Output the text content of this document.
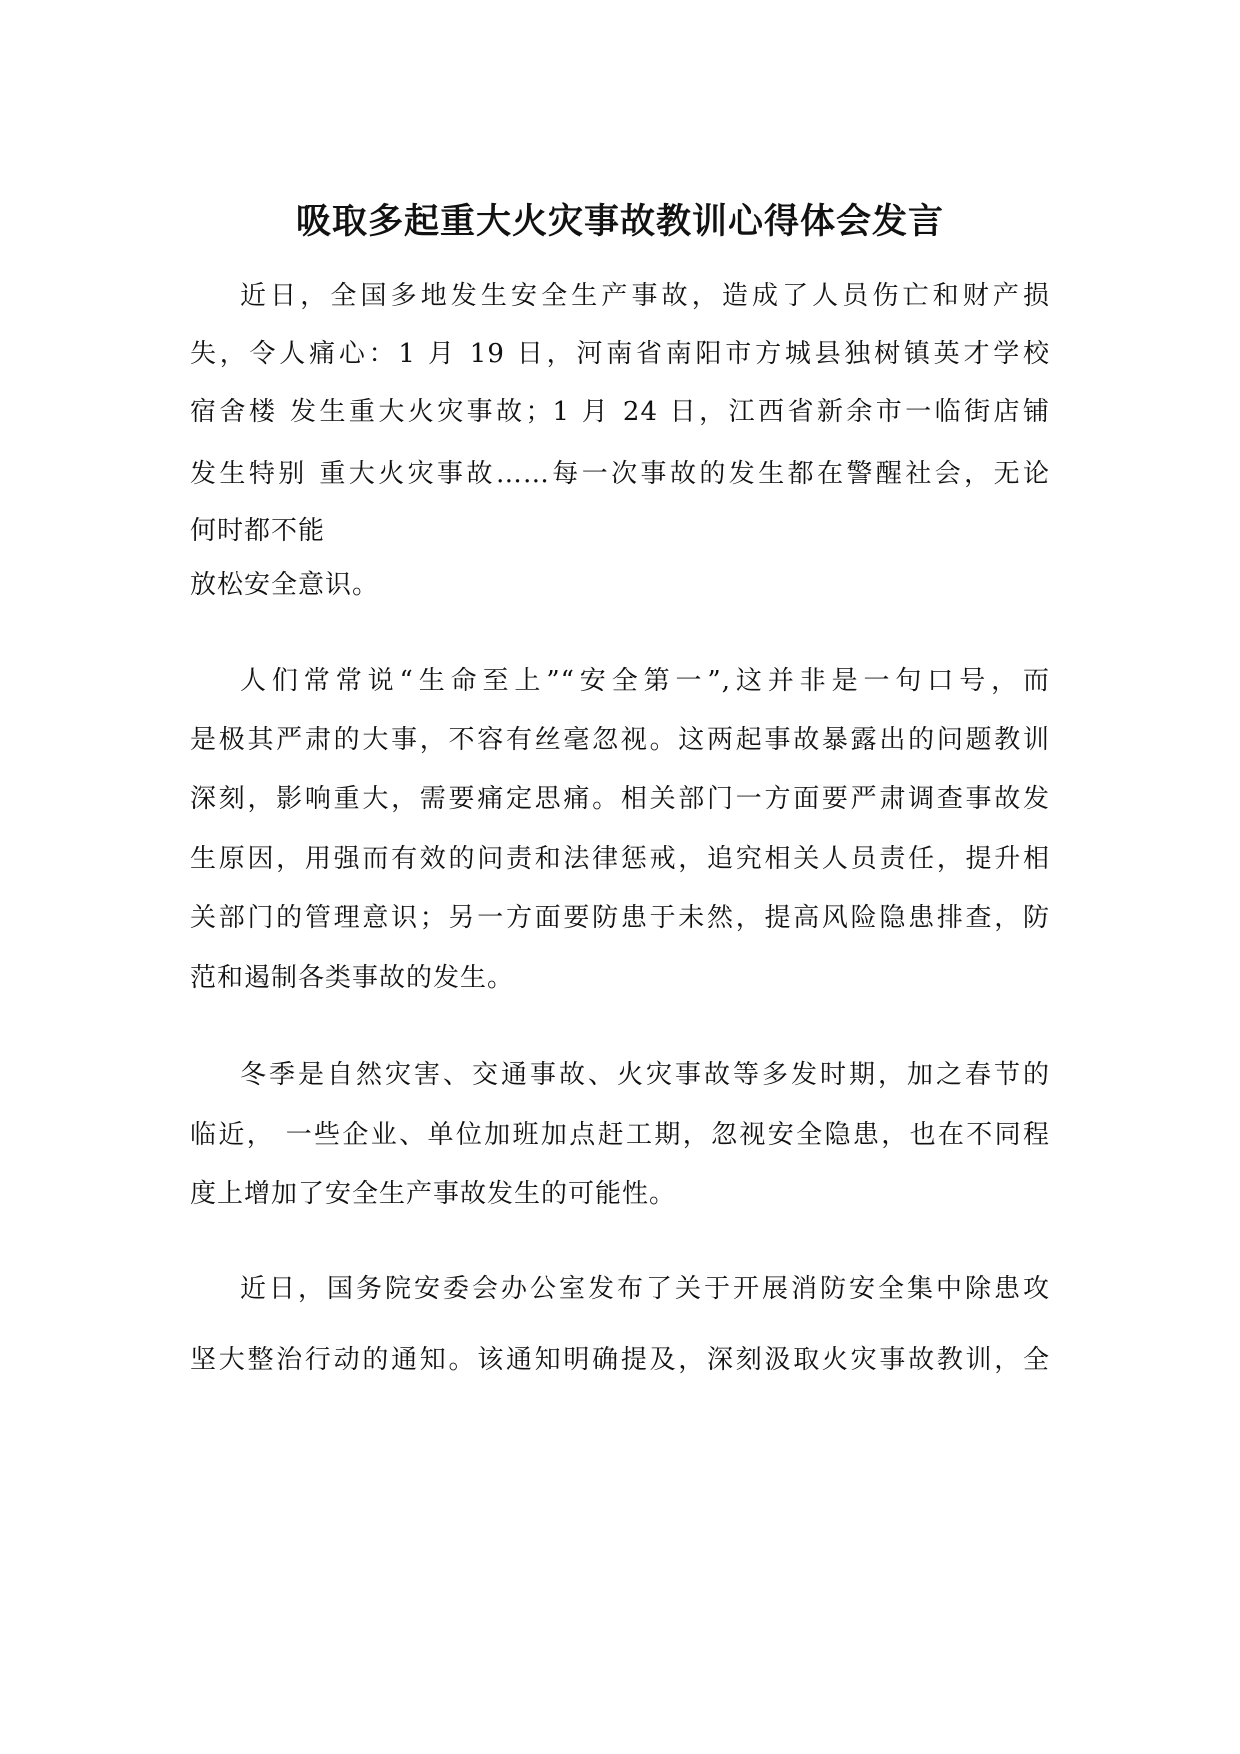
吸取多起重大火灾事故教训心得体会发言
近日，全国多地发生安全生产事故，造成了人员伤亡和财产损
失，令人痛心：1 月 19 日，河南省南阳市方城县独树镇英才学校
宿舍楼 发生重大火灾事故；1 月 24 日，江西省新余市一临街店铺
发生特别 重大火灾事故……每一次事故的发生都在警醒社会，无论
何时都不能
放松安全意识。
人们常常说“生命至上”“安全第一”,这并非是一句口号，而
是极其严肃的大事，不容有丝毫忽视。这两起事故暴露出的问题教训
深刻，影响重大，需要痛定思痛。相关部门一方面要严肃调查事故发
生原因，用强而有效的问责和法律惩戒，追究相关人员责任，提升相
关部门的管理意识；另一方面要防患于未然，提高风险隐患排查，防
范和遏制各类事故的发生。
冬季是自然灾害、交通事故、火灾事故等多发时期，加之春节的
临近， 一些企业、单位加班加点赶工期，忽视安全隐患，也在不同程
度上增加了安全生产事故发生的可能性。
近日，国务院安委会办公室发布了关于开展消防安全集中除患攻
坚大整治行动的通知。该通知明确提及，深刻汲取火灾事故教训，全
